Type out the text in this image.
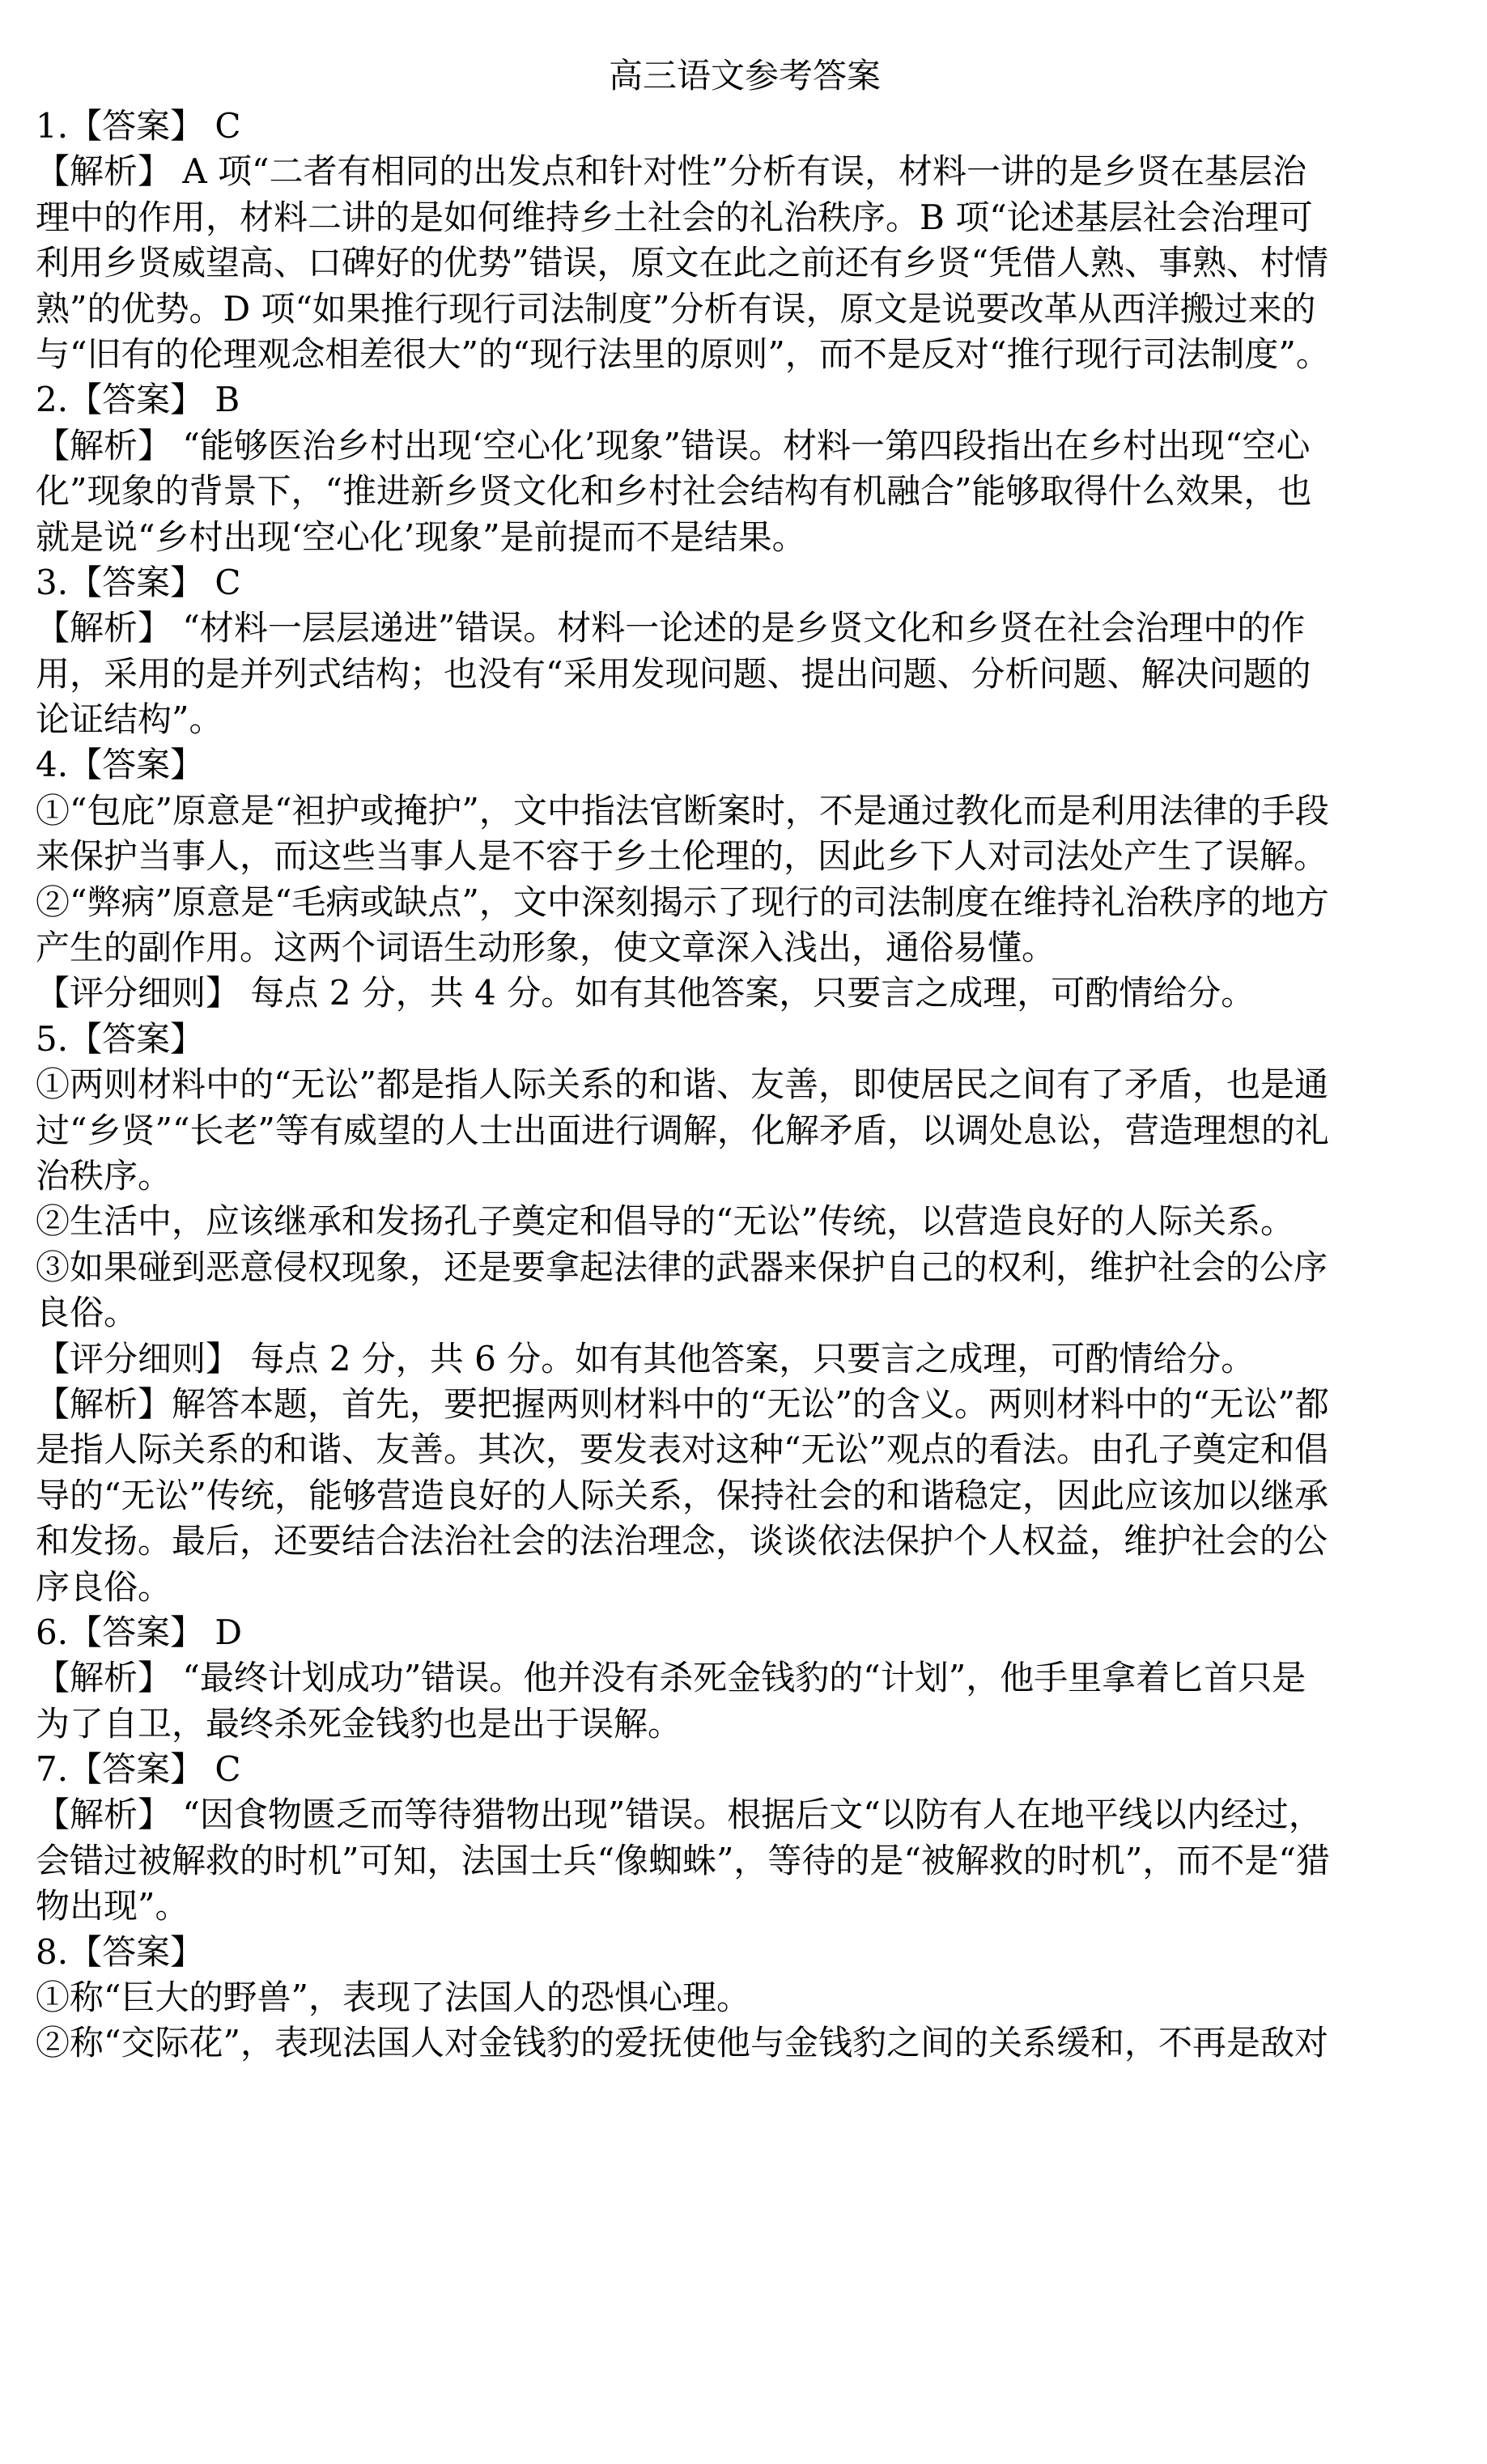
高三语文参考答案
1.【答案】 C
【解析】 A 项“二者有相同的出发点和针对性”分析有误，材料一讲的是乡贤在基层治
理中的作用，材料二讲的是如何维持乡土社会的礼治秩序。B 项“论述基层社会治理可
利用乡贤威望高、口碑好的优势”错误，原文在此之前还有乡贤“凭借人熟、事熟、村情
熟”的优势。D 项“如果推行现行司法制度”分析有误，原文是说要改革从西洋搬过来的
与“旧有的伦理观念相差很大”的“现行法里的原则”，而不是反对“推行现行司法制度”。
2.【答案】 B
【解析】 “能够医治乡村出现‘空心化’现象”错误。材料一第四段指出在乡村出现“空心
化”现象的背景下，“推进新乡贤文化和乡村社会结构有机融合”能够取得什么效果，也
就是说“乡村出现‘空心化’现象”是前提而不是结果。
3.【答案】 C
【解析】 “材料一层层递进”错误。材料一论述的是乡贤文化和乡贤在社会治理中的作
用，采用的是并列式结构；也没有“采用发现问题、提出问题、分析问题、解决问题的
论证结构”。
4.【答案】
①“包庇”原意是“袒护或掩护”，文中指法官断案时，不是通过教化而是利用法律的手段
来保护当事人，而这些当事人是不容于乡土伦理的，因此乡下人对司法处产生了误解。
②“弊病”原意是“毛病或缺点”，文中深刻揭示了现行的司法制度在维持礼治秩序的地方
产生的副作用。这两个词语生动形象，使文章深入浅出，通俗易懂。
【评分细则】 每点 2 分，共 4 分。如有其他答案，只要言之成理，可酌情给分。
5.【答案】
①两则材料中的“无讼”都是指人际关系的和谐、友善，即使居民之间有了矛盾，也是通
过“乡贤”“长老”等有威望的人士出面进行调解，化解矛盾，以调处息讼，营造理想的礼
治秩序。
②生活中，应该继承和发扬孔子奠定和倡导的“无讼”传统，以营造良好的人际关系。
③如果碰到恶意侵权现象，还是要拿起法律的武器来保护自己的权利，维护社会的公序
良俗。
【评分细则】 每点 2 分，共 6 分。如有其他答案，只要言之成理，可酌情给分。
【解析】解答本题，首先，要把握两则材料中的“无讼”的含义。两则材料中的“无讼”都
是指人际关系的和谐、友善。其次，要发表对这种“无讼”观点的看法。由孔子奠定和倡
导的“无讼”传统，能够营造良好的人际关系，保持社会的和谐稳定，因此应该加以继承
和发扬。最后，还要结合法治社会的法治理念，谈谈依法保护个人权益，维护社会的公
序良俗。
6.【答案】 D
【解析】 “最终计划成功”错误。他并没有杀死金钱豹的“计划”，他手里拿着匕首只是
为了自卫，最终杀死金钱豹也是出于误解。
7.【答案】 C
【解析】 “因食物匮乏而等待猎物出现”错误。根据后文“以防有人在地平线以内经过，
会错过被解救的时机”可知，法国士兵“像蜘蛛”，等待的是“被解救的时机”，而不是“猎
物出现”。
8.【答案】
①称“巨大的野兽”，表现了法国人的恐惧心理。
②称“交际花”，表现法国人对金钱豹的爱抚使他与金钱豹之间的关系缓和，不再是敌对
